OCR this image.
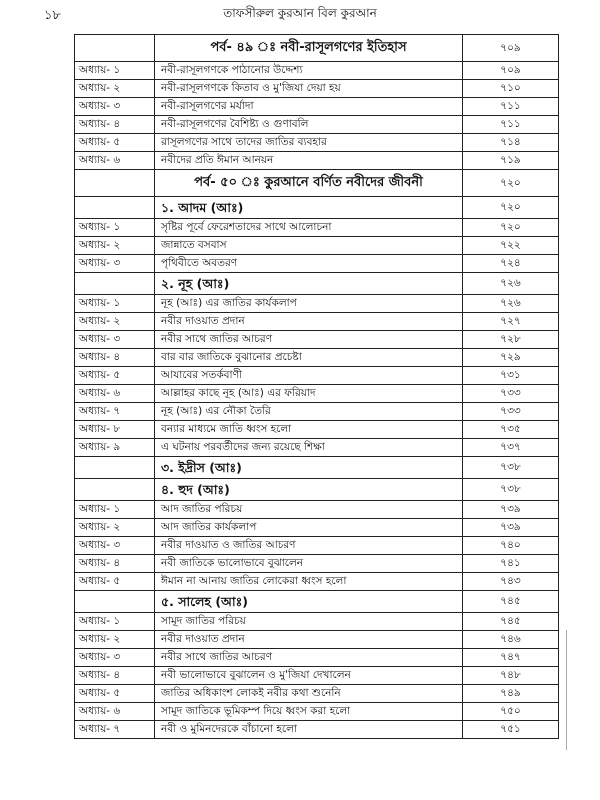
১৮	তাফসীরুল কুরআন বিল কুরআন
	পর্ব- ৪৯ ঃ নবী-রাসূলগণের ইতিহাস	৭০৯
অধ্যায়- ১	নবী-রাসূলগণকে পাঠানোর উদ্দেশ্য	৭০৯
অধ্যায়- ২	নবী-রাসূলগণকে কিতাব ও মু'জিযা দেয়া হয়	৭১০
অধ্যায়- ৩	নবী-রাসূলগণের মর্যাদা	৭১১
অধ্যায়- ৪	নবী-রাসূলগণের বৈশিষ্ট্য ও গুণাবলি	৭১১
অধ্যায়- ৫	রাসূলগণের সাথে তাদের জাতির ব্যবহার	৭১৪
অধ্যায়- ৬	নবীদের প্রতি ঈমান আনয়ন	৭১৯
	পর্ব- ৫০ ঃ কুরআনে বর্ণিত নবীদের জীবনী	৭২০
	১. আদম (আঃ)	৭২০
অধ্যায়- ১	সৃষ্টির পূর্বে ফেরেশতাদের সাথে আলোচনা	৭২০
অধ্যায়- ২	জান্নাতে বসবাস	৭২২
অধ্যায়- ৩	পৃথিবীতে অবতরণ	৭২৪
	২. নূহ (আঃ)	৭২৬
অধ্যায়- ১	নূহ (আঃ) এর জাতির কার্যকলাপ	৭২৬
অধ্যায়- ২	নবীর দাওয়াত প্রদান	৭২৭
অধ্যায়- ৩	নবীর সাথে জাতির আচরণ	৭২৮
অধ্যায়- ৪	বার বার জাতিকে বুঝানোর প্রচেষ্টা	৭২৯
অধ্যায়- ৫	আযাবের সতর্কবাণী	৭৩১
অধ্যায়- ৬	আল্লাহর কাছে নূহ (আঃ) এর ফরিয়াদ	৭৩৩
অধ্যায়- ৭	নূহ (আঃ) এর নৌকা তৈরি	৭৩৩
অধ্যায়- ৮	বন্যার মাধ্যমে জাতি ধ্বংস হলো	৭৩৫
অধ্যায়- ৯	এ ঘটনায় পরবর্তীদের জন্য রয়েছে শিক্ষা	৭৩৭
	৩. ইদ্রীস (আঃ)	৭৩৮
	৪. হুদ (আঃ)	৭৩৮
অধ্যায়- ১	আদ জাতির পরিচয়	৭৩৯
অধ্যায়- ২	আদ জাতির কার্যকলাপ	৭৩৯
অধ্যায়- ৩	নবীর দাওয়াত ও জাতির আচরণ	৭৪০
অধ্যায়- ৪	নবী জাতিকে ভালোভাবে বুঝালেন	৭৪১
অধ্যায়- ৫	ঈমান না আনায় জাতির লোকেরা ধ্বংস হলো	৭৪৩
	৫. সালেহ (আঃ)	৭৪৫
অধ্যায়- ১	সামূদ জাতির পরিচয়	৭৪৫
অধ্যায়- ২	নবীর দাওয়াত প্রদান	৭৪৬
অধ্যায়- ৩	নবীর সাথে জাতির আচরণ	৭৪৭
অধ্যায়- ৪	নবী ভালোভাবে বুঝালেন ও মু'জিযা দেখালেন	৭৪৮
অধ্যায়- ৫	জাতির অধিকাংশ লোকই নবীর কথা শুনেনি	৭৪৯
অধ্যায়- ৬	সামূদ জাতিকে ভূমিকম্প দিয়ে ধ্বংস করা হলো	৭৫০
অধ্যায়- ৭	নবী ও মুমিনদেরকে বাঁচানো হলো	৭৫১
